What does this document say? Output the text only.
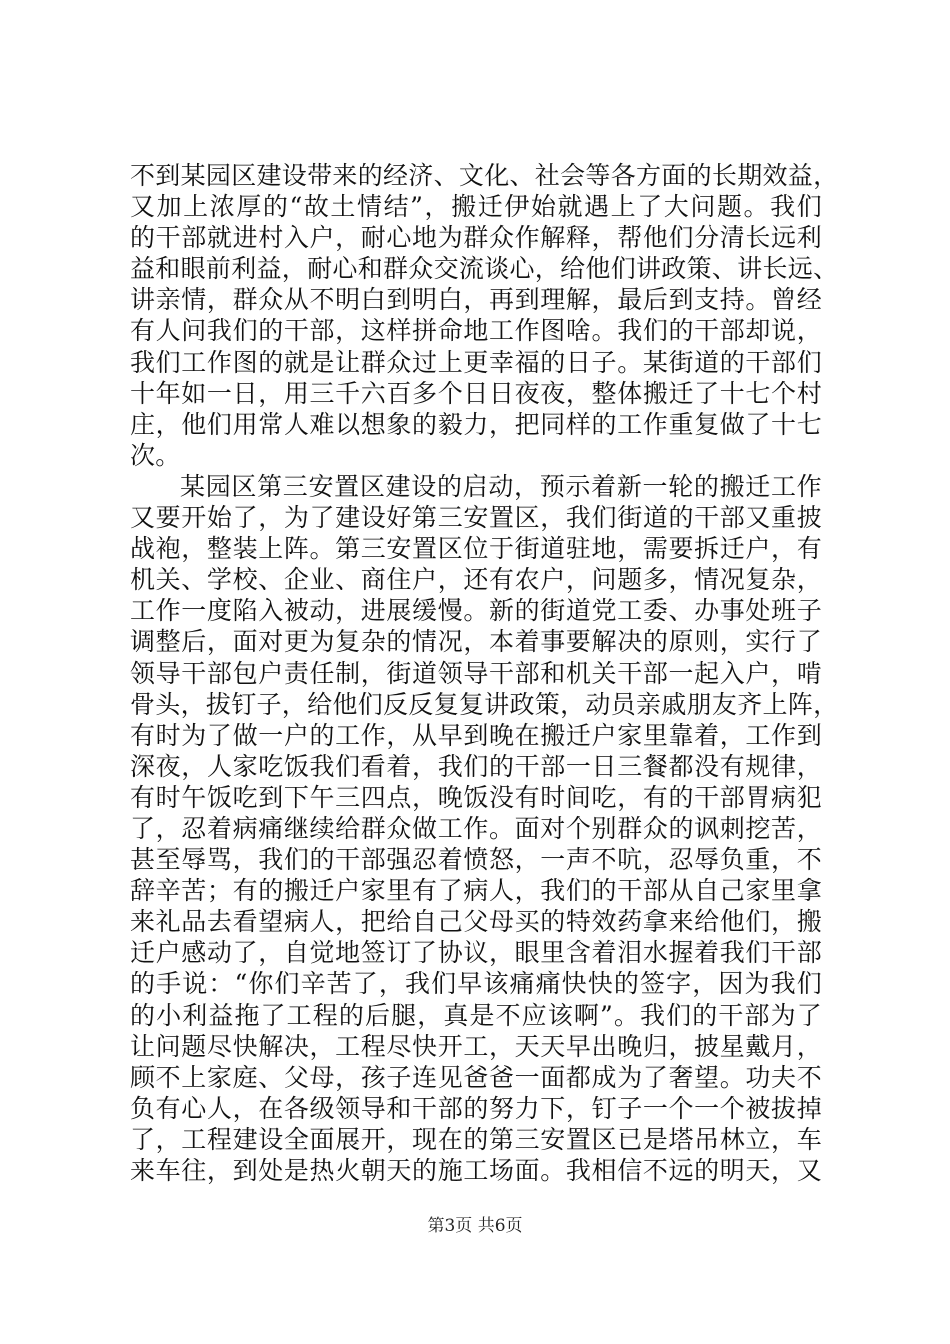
不到某园区建设带来的经济、文化、社会等各方面的长期效益，
又加上浓厚的“故土情结”，搬迁伊始就遇上了大问题。我们
的干部就进村入户，耐心地为群众作解释，帮他们分清长远利
益和眼前利益，耐心和群众交流谈心，给他们讲政策、讲长远、
讲亲情，群众从不明白到明白，再到理解，最后到支持。曾经
有人问我们的干部，这样拼命地工作图啥。我们的干部却说，
我们工作图的就是让群众过上更幸福的日子。某街道的干部们
十年如一日，用三千六百多个日日夜夜，整体搬迁了十七个村
庄，他们用常人难以想象的毅力，把同样的工作重复做了十七
次。
某园区第三安置区建设的启动，预示着新一轮的搬迁工作
又要开始了，为了建设好第三安置区，我们街道的干部又重披
战袍，整装上阵。第三安置区位于街道驻地，需要拆迁户，有
机关、学校、企业、商住户，还有农户，问题多，情况复杂，
工作一度陷入被动，进展缓慢。新的街道党工委、办事处班子
调整后，面对更为复杂的情况，本着事要解决的原则，实行了
领导干部包户责任制，街道领导干部和机关干部一起入户，啃
骨头，拔钉子，给他们反反复复讲政策，动员亲戚朋友齐上阵，
有时为了做一户的工作，从早到晚在搬迁户家里靠着，工作到
深夜，人家吃饭我们看着，我们的干部一日三餐都没有规律，
有时午饭吃到下午三四点，晚饭没有时间吃，有的干部胃病犯
了，忍着病痛继续给群众做工作。面对个别群众的讽刺挖苦，
甚至辱骂，我们的干部强忍着愤怒，一声不吭，忍辱负重，不
辞辛苦；有的搬迁户家里有了病人，我们的干部从自己家里拿
来礼品去看望病人，把给自己父母买的特效药拿来给他们，搬
迁户感动了，自觉地签订了协议，眼里含着泪水握着我们干部
的手说：“你们辛苦了，我们早该痛痛快快的签字，因为我们
的小利益拖了工程的后腿，真是不应该啊”。我们的干部为了
让问题尽快解决，工程尽快开工，天天早出晚归，披星戴月，
顾不上家庭、父母，孩子连见爸爸一面都成为了奢望。功夫不
负有心人，在各级领导和干部的努力下，钉子一个一个被拔掉
了，工程建设全面展开，现在的第三安置区已是塔吊林立，车
来车往，到处是热火朝天的施工场面。我相信不远的明天，又
第3页 共6页
